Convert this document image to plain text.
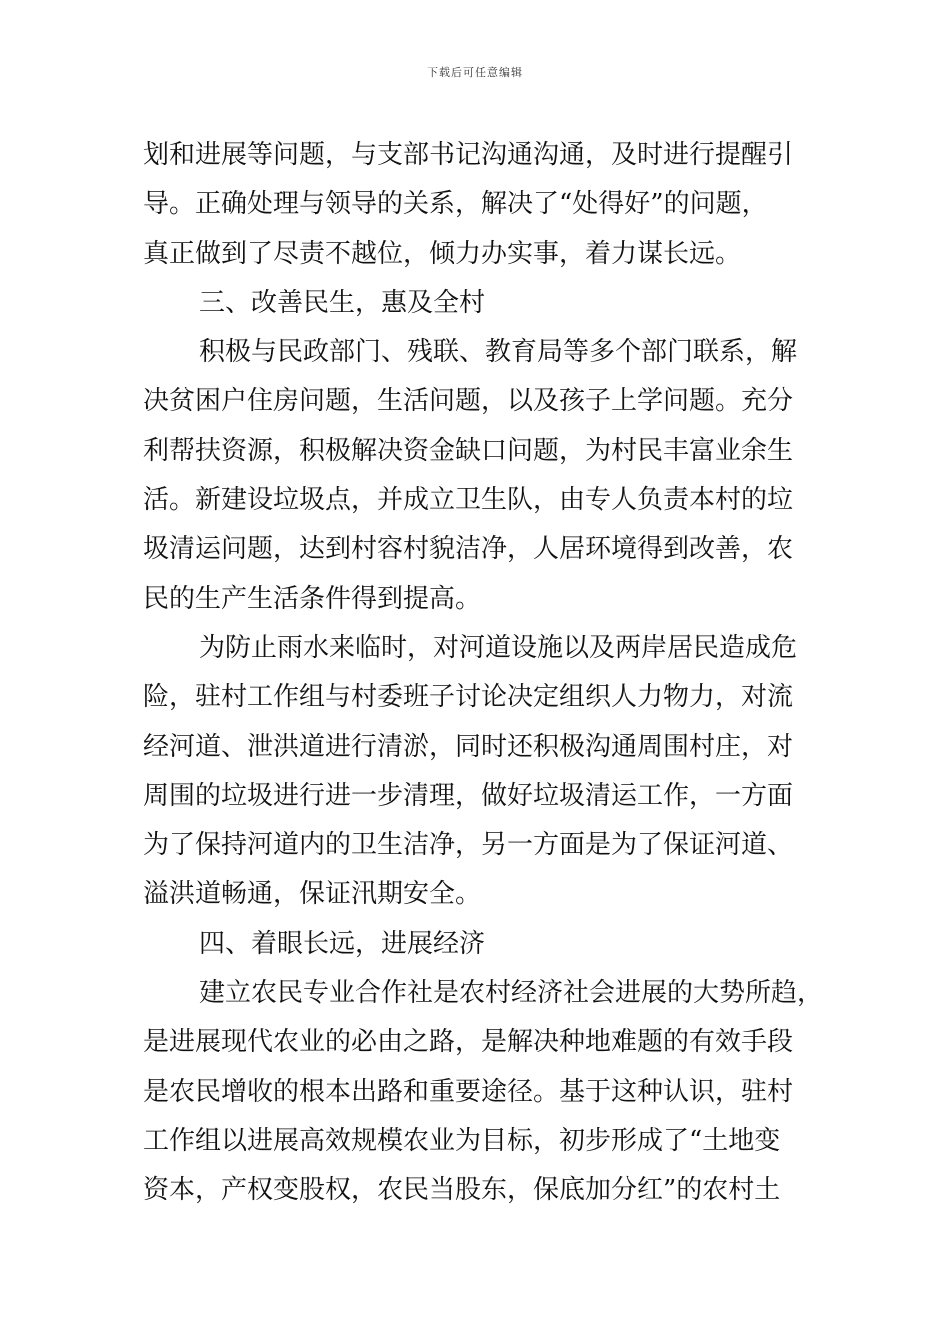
下载后可任意编辑
划和进展等问题，与支部书记沟通沟通，及时进行提醒引
导。正确处理与领导的关系，解决了“处得好”的问题，
真正做到了尽责不越位，倾力办实事，着力谋长远。
三、改善民生，惠及全村
积极与民政部门、残联、教育局等多个部门联系，解
决贫困户住房问题，生活问题，以及孩子上学问题。充分
利帮扶资源，积极解决资金缺口问题，为村民丰富业余生
活。新建设垃圾点，并成立卫生队，由专人负责本村的垃
圾清运问题，达到村容村貌洁净，人居环境得到改善，农
民的生产生活条件得到提高。
为防止雨水来临时，对河道设施以及两岸居民造成危
险，驻村工作组与村委班子讨论决定组织人力物力，对流
经河道、泄洪道进行清淤，同时还积极沟通周围村庄，对
周围的垃圾进行进一步清理，做好垃圾清运工作，一方面
为了保持河道内的卫生洁净，另一方面是为了保证河道、
溢洪道畅通，保证汛期安全。
四、着眼长远，进展经济
建立农民专业合作社是农村经济社会进展的大势所趋，
是进展现代农业的必由之路，是解决种地难题的有效手段
是农民增收的根本出路和重要途径。基于这种认识，驻村
工作组以进展高效规模农业为目标，初步形成了“土地变
资本，产权变股权，农民当股东，保底加分红”的农村土
